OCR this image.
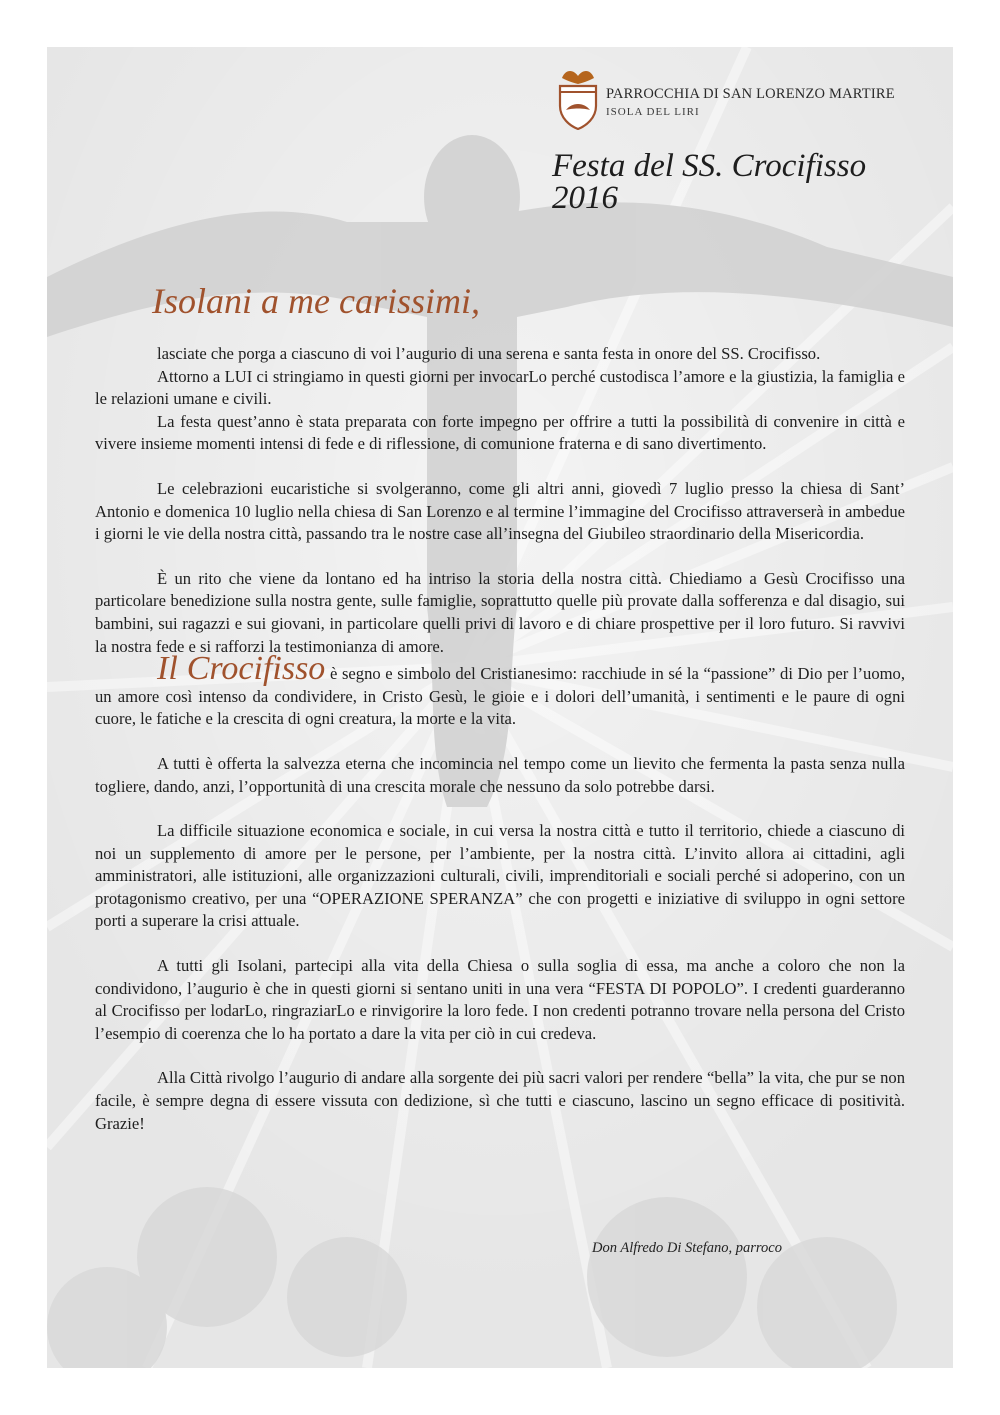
PARROCCHIA DI SAN LORENZO MARTIRE
ISOLA DEL LIRI
Festa del SS. Crocifisso
2016
Isolani a me carissimi,

lasciate che porga a ciascuno di voi l’augurio di una serena e santa festa in onore del SS. Crocifisso.

Attorno a LUI ci stringiamo in questi giorni per invocarLo perché custodisca l’amore e la giustizia, la famiglia e le relazioni umane e civili.

La festa quest’anno è stata preparata con forte impegno per offrire a tutti la possibilità di convenire in città e vivere insieme momenti intensi di fede e di riflessione, di comunione fraterna e di sano divertimento.

Le celebrazioni eucaristiche si svolgeranno, come gli altri anni, giovedì 7 luglio presso la chiesa di Sant’ Antonio e domenica 10 luglio nella chiesa di San Lorenzo e al termine l’immagine del Crocifisso attraverserà in ambedue i giorni le vie della nostra città, passando tra le nostre case all’insegna del Giubileo straordinario della Misericordia.

È un rito che viene da lontano ed ha intriso la storia della nostra città. Chiediamo a Gesù Crocifisso una particolare benedizione sulla nostra gente, sulle famiglie, soprattutto quelle più provate dalla sofferenza e dal disagio, sui bambini, sui ragazzi e sui giovani, in particolare quelli privi di lavoro e di chiare prospettive per il loro futuro. Si ravvivi la nostra fede e si rafforzi la testimonianza di amore.

Il Crocifisso è segno e simbolo del Cristianesimo: racchiude in sé la “passione” di Dio per l’uomo, un amore così intenso da condividere, in Cristo Gesù, le gioie e i dolori dell’umanità, i sentimenti e le paure di ogni cuore, le fatiche e la crescita di ogni creatura, la morte e la vita.

A tutti è offerta la salvezza eterna che incomincia nel tempo come un lievito che fermenta la pasta senza nulla togliere, dando, anzi, l’opportunità di una crescita morale che nessuno da solo potrebbe darsi.

La difficile situazione economica e sociale, in cui versa la nostra città e tutto il territorio, chiede a ciascuno di noi un supplemento di amore per le persone, per l’ambiente, per la nostra città. L’invito allora ai cittadini, agli amministratori, alle istituzioni, alle organizzazioni culturali, civili, imprenditoriali e sociali perché si adoperino, con un protagonismo creativo, per una “OPERAZIONE SPERANZA” che con progetti e iniziative di sviluppo in ogni settore porti a superare la crisi attuale.

A tutti gli Isolani, partecipi alla vita della Chiesa o sulla soglia di essa, ma anche a coloro che non la condividono, l’augurio è che in questi giorni si sentano uniti in una vera “FESTA DI POPOLO”. I credenti guarderanno al Crocifisso per lodarLo, ringraziarLo e rinvigorire la loro fede. I non credenti potranno trovare nella persona del Cristo l’esempio di coerenza che lo ha portato a dare la vita per ciò in cui credeva.

Alla Città rivolgo l’augurio di andare alla sorgente dei più sacri valori per rendere “bella” la vita, che pur se non facile, è sempre degna di essere vissuta con dedizione, sì che tutti e ciascuno, lascino un segno efficace di positività. Grazie!

Don Alfredo Di Stefano, parroco
